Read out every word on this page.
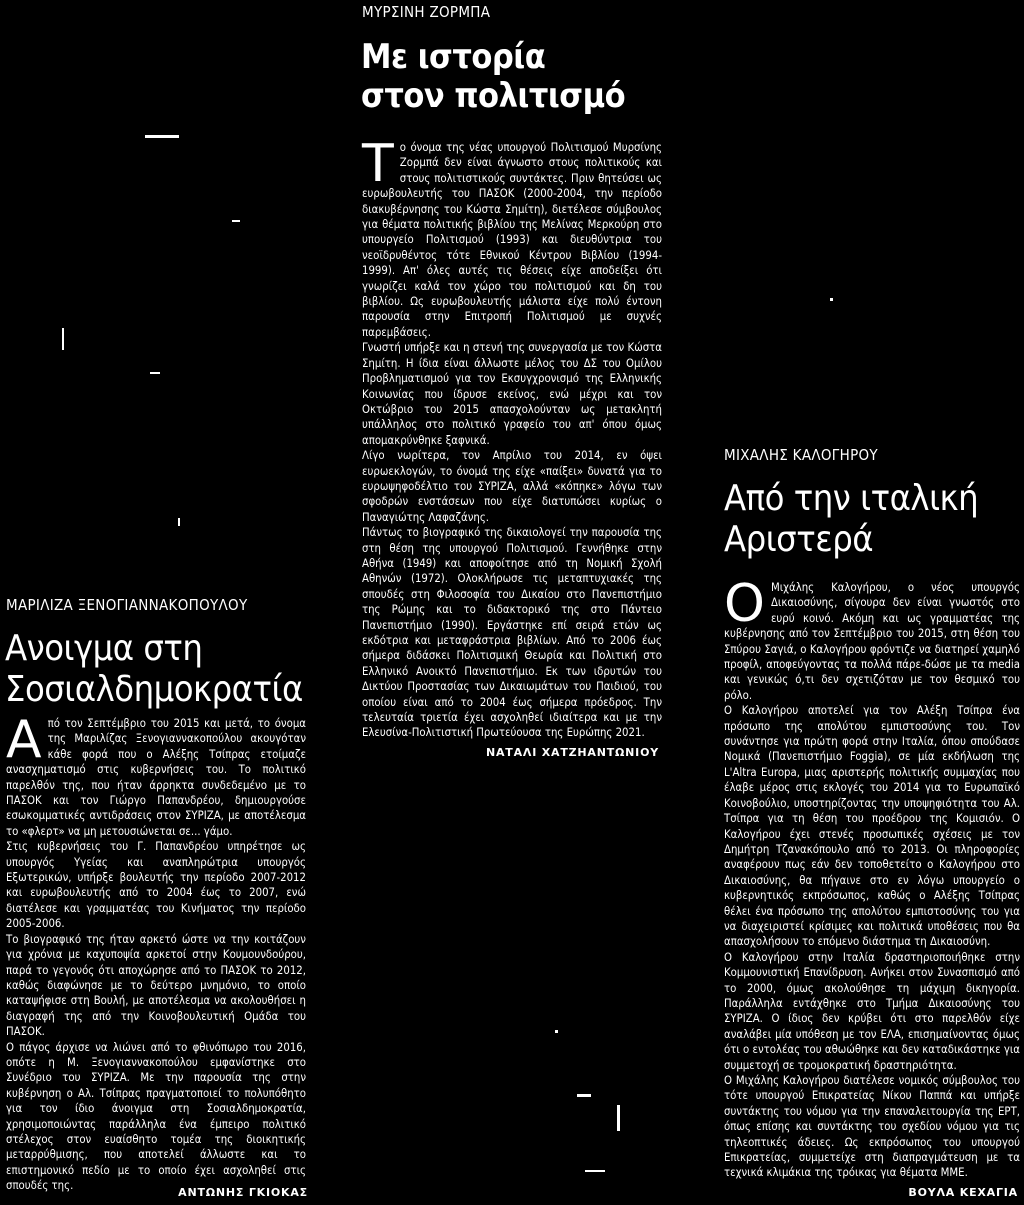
ΜΑΡΙΛΙΖΑ ΞΕΝΟΓΙΑΝΝΑΚΟΠΟΥΛΟΥ
Ανοιγμα στη
Σοσιαλδημοκρατία
Α πό τον Σεπτέμβριο του 2015 και μετά, το όνομα της Μαριλίζας Ξενογιαννακοπούλου ακουγόταν κάθε φορά που ο Αλέξης Τσίπρας ετοίμαζε ανασχηματισμό στις κυβερνήσεις του. Το πολιτικό παρελθόν της, που ήταν άρρηκτα συνδεδεμένο με το ΠΑΣΟΚ και τον Γιώργο Παπανδρέου, δημιουργούσε εσωκομματικές αντιδράσεις στον ΣΥΡΙΖΑ, με αποτέλεσμα το «φλερτ» να μη μετουσιώνεται σε... γάμο.

Στις κυβερνήσεις του Γ. Παπανδρέου υπηρέτησε ως υπουργός Υγείας και αναπληρώτρια υπουργός Εξωτερικών, υπήρξε βουλευτής την περίοδο 2007-2012 και ευρωβουλευτής από το 2004 έως το 2007, ενώ διατέλεσε και γραμματέας του Κινήματος την περίοδο 2005-2006.

Το βιογραφικό της ήταν αρκετό ώστε να την κοιτάζουν για χρόνια με καχυποψία αρκετοί στην Κουμουνδούρου, παρά το γεγονός ότι αποχώρησε από το ΠΑΣΟΚ το 2012, καθώς διαφώνησε με το δεύτερο μνημόνιο, το οποίο καταψήφισε στη Βουλή, με αποτέλεσμα να ακολουθήσει η διαγραφή της από την Κοινοβουλευτική Ομάδα του ΠΑΣΟΚ.

Ο πάγος άρχισε να λιώνει από το φθινόπωρο του 2016, οπότε η Μ. Ξενογιαννακοπούλου εμφανίστηκε στο Συνέδριο του ΣΥΡΙΖΑ. Με την παρουσία της στην κυβέρνηση ο Αλ. Τσίπρας πραγματοποιεί το πολυπόθητο για τον ίδιο άνοιγμα στη Σοσιαλδημοκρατία, χρησιμοποιώντας παράλληλα ένα έμπειρο πολιτικό στέλεχος στον ευαίσθητο τομέα της διοικητικής μεταρρύθμισης, που αποτελεί άλλωστε και το επιστημονικό πεδίο με το οποίο έχει ασχοληθεί στις σπουδές της.

ΑΝΤΩΝΗΣ ΓΚΙΟΚΑΣ
ΜΥΡΣΙΝΗ ΖΟΡΜΠΑ
Με ιστορία
στον πολιτισμό
Τ ο όνομα της νέας υπουργού Πολιτισμού Μυρσίνης Ζορμπά δεν είναι άγνωστο στους πολιτικούς και στους πολιτιστικούς συντάκτες. Πριν θητεύσει ως ευρωβουλευτής του ΠΑΣΟΚ (2000-2004, την περίοδο διακυβέρνησης του Κώστα Σημίτη), διετέλεσε σύμβουλος για θέματα πολιτικής βιβλίου της Μελίνας Μερκούρη στο υπουργείο Πολιτισμού (1993) και διευθύντρια του νεοϊδρυθέντος τότε Εθνικού Κέντρου Βιβλίου (1994-1999). Απ' όλες αυτές τις θέσεις είχε αποδείξει ότι γνωρίζει καλά τον χώρο του πολιτισμού και δη του βιβλίου. Ως ευρωβουλευτής μάλιστα είχε πολύ έντονη παρουσία στην Επιτροπή Πολιτισμού με συχνές παρεμβάσεις.

Γνωστή υπήρξε και η στενή της συνεργασία με τον Κώστα Σημίτη. Η ίδια είναι άλλωστε μέλος του ΔΣ του Ομίλου Προβληματισμού για τον Εκσυγχρονισμό της Ελληνικής Κοινωνίας που ίδρυσε εκείνος, ενώ μέχρι και τον Οκτώβριο του 2015 απασχολούνταν ως μετακλητή υπάλληλος στο πολιτικό γραφείο του απ' όπου όμως απομακρύνθηκε ξαφνικά.

Λίγο νωρίτερα, τον Απρίλιο του 2014, εν όψει ευρωεκλογών, το όνομά της είχε «παίξει» δυνατά για το ευρωψηφοδέλτιο του ΣΥΡΙΖΑ, αλλά «κόπηκε» λόγω των σφοδρών ενστάσεων που είχε διατυπώσει κυρίως ο Παναγιώτης Λαφαζάνης.

Πάντως το βιογραφικό της δικαιολογεί την παρουσία της στη θέση της υπουργού Πολιτισμού. Γεννήθηκε στην Αθήνα (1949) και αποφοίτησε από τη Νομική Σχολή Αθηνών (1972). Ολοκλήρωσε τις μεταπτυχιακές της σπουδές στη Φιλοσοφία του Δικαίου στο Πανεπιστήμιο της Ρώμης και το διδακτορικό της στο Πάντειο Πανεπιστήμιο (1990). Εργάστηκε επί σειρά ετών ως εκδότρια και μεταφράστρια βιβλίων. Από το 2006 έως σήμερα διδάσκει Πολιτισμική Θεωρία και Πολιτική στο Ελληνικό Ανοικτό Πανεπιστήμιο. Εκ των ιδρυτών του Δικτύου Προστασίας των Δικαιωμάτων του Παιδιού, του οποίου είναι από το 2004 έως σήμερα πρόεδρος. Την τελευταία τριετία έχει ασχοληθεί ιδιαίτερα και με την Ελευσίνα-Πολιτιστική Πρωτεύουσα της Ευρώπης 2021.

ΝΑΤΑΛΙ ΧΑΤΖΗΑΝΤΩΝΙΟΥ
ΜΙΧΑΛΗΣ ΚΑΛΟΓΗΡΟΥ
Από την ιταλική
Αριστερά
Ο Μιχάλης Καλογήρου, ο νέος υπουργός Δικαιοσύνης, σίγουρα δεν είναι γνωστός στο ευρύ κοινό. Ακόμη και ως γραμματέας της κυβέρνησης από τον Σεπτέμβριο του 2015, στη θέση του Σπύρου Σαγιά, ο Καλογήρου φρόντιζε να διατηρεί χαμηλό προφίλ, αποφεύγοντας τα πολλά πάρε-δώσε με τα media και γενικώς ό,τι δεν σχετιζόταν με τον θεσμικό του ρόλο.

Ο Καλογήρου αποτελεί για τον Αλέξη Τσίπρα ένα πρόσωπο της απολύτου εμπιστοσύνης του. Τον συνάντησε για πρώτη φορά στην Ιταλία, όπου σπούδασε Νομικά (Πανεπιστήμιο Foggia), σε μία εκδήλωση της L'Altra Europa, μιας αριστερής πολιτικής συμμαχίας που έλαβε μέρος στις εκλογές του 2014 για το Ευρωπαϊκό Κοινοβούλιο, υποστηρίζοντας την υποψηφιότητα του Αλ. Τσίπρα για τη θέση του προέδρου της Κομισιόν. Ο Καλογήρου έχει στενές προσωπικές σχέσεις με τον Δημήτρη Τζανακόπουλο από το 2013. Οι πληροφορίες αναφέρουν πως εάν δεν τοποθετείτο ο Καλογήρου στο Δικαιοσύνης, θα πήγαινε στο εν λόγω υπουργείο ο κυβερνητικός εκπρόσωπος, καθώς ο Αλέξης Τσίπρας θέλει ένα πρόσωπο της απολύτου εμπιστοσύνης του για να διαχειριστεί κρίσιμες και πολιτικά υποθέσεις που θα απασχολήσουν το επόμενο διάστημα τη Δικαιοσύνη.

Ο Καλογήρου στην Ιταλία δραστηριοποιήθηκε στην Κομμουνιστική Επανίδρυση. Ανήκει στον Συνασπισμό από το 2000, όμως ακολούθησε τη μάχιμη δικηγορία. Παράλληλα εντάχθηκε στο Τμήμα Δικαιοσύνης του ΣΥΡΙΖΑ. Ο ίδιος δεν κρύβει ότι στο παρελθόν είχε αναλάβει μία υπόθεση με τον ΕΛΑ, επισημαίνοντας όμως ότι ο εντολέας του αθωώθηκε και δεν καταδικάστηκε για συμμετοχή σε τρομοκρατική δραστηριότητα.

Ο Μιχάλης Καλογήρου διατέλεσε νομικός σύμβουλος του τότε υπουργού Επικρατείας Νίκου Παππά και υπήρξε συντάκτης του νόμου για την επαναλειτουργία της ΕΡΤ, όπως επίσης και συντάκτης του σχεδίου νόμου για τις τηλεοπτικές άδειες. Ως εκπρόσωπος του υπουργού Επικρατείας, συμμετείχε στη διαπραγμάτευση με τα τεχνικά κλιμάκια της τρόικας για θέματα ΜΜΕ.

ΒΟΥΛΑ ΚΕΧΑΓΙΑ
